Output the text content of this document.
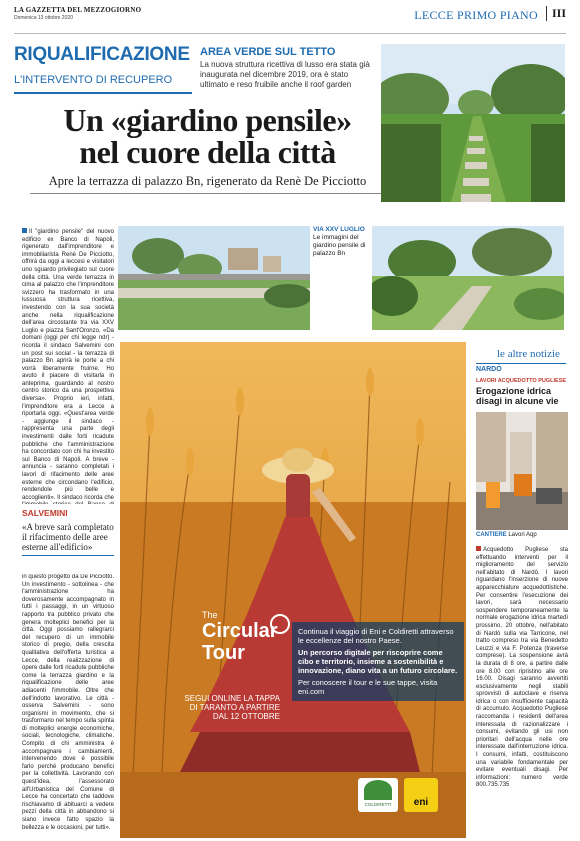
LA GAZZETTA DEL MEZZOGIORNO
Domenica 13 ottobre 2020	LECCE PRIMO PIANO	III
RIQUALIFICAZIONE
L'INTERVENTO DI RECUPERO
AREA VERDE SUL TETTO
La nuova struttura ricettiva di lusso era stata già inaugurata nel dicembre 2019, ora è stato ultimato e reso fruibile anche il roof garden
Un «giardino pensile»
nel cuore della città
Apre la terrazza di palazzo Bn, rigenerato da Renè De Picciotto
VIA XXV LUGLIO
Le immagini del giardino pensile di palazzo Bn
Il "giardino pensile" del nuovo edificio ex Banco di Napoli, rigenerato dall'imprenditore e immobiliarista Renè De Picciotto, offrirà da oggi a leccesi e visitatori uno sguardo privilegiato sul cuore della città. Una verde terrazza in cima al palazzo che l'imprenditore svizzero ha trasformato in una lussuosa struttura ricettiva, investendo con la sua società anche nella riqualificazione dell'area circostante tra via XXV Luglio e piazza Sant'Oronzo. «Da domani (oggi per chi legge ndr) - ricorda il sindaco Salvemini con un post sui social - la terrazza di palazzo Bn aprirà le porte a chi vorrà liberamente fruirne. Ho avuto il piacere di visitarla in anteprima, guardando al nostro centro storico da una prospettiva diversa». Proprio ieri, infatti, l'imprenditore era a Lecce a riportarla oggi. «Quest'area verde - aggiunge il sindaco - rappresenta una parte degli investimenti dalle forti ricadute pubbliche che l'amministrazione ha concordato con chi ha investito sul Banco di Napoli. A breve - annuncia - saranno completati i lavori di rifacimento delle aree esterne che circondano l'edificio, rendendole più belle e accoglienti». Il sindaco ricorda che
SALVEMINI
«A breve sarà completato il rifacimento delle aree esterne all'edificio»
in questo progetto da De Picciotto. Un investimento - sottolinea - che l'amministrazione ha doverosamente accompagnato in tutti i passaggi, in un virtuoso rapporto tra pubblico privato che genera molteplici benefici per la città. Oggi possiamo rallegrarci del recupero di un immobile storico di pregio, della crescita qualitativa dell'offerta turistica a Lecce, della realizzazione di opere dalle forti ricadute pubbliche come la terrazza giardino e la riqualificazione delle aree adiacenti l'immobile. Oltre che dell'indotto lavorativo. Le città - osserva Salvemini - sono organismi in movimento, che si trasformano nel tempo sulla spinta di molteplici energie economiche, sociali, tecnologiche, climatiche. Compito di chi amministra è accompagnare i cambiamenti, intervenendo dove è possibile farlo perché producano benefici per la collettività. Lavorando con quest'idea, l'assessorato all'Urbanistica del Comune di Lecce ha concertato che laddove rischiavamo di abituarci a vedere pezzi della città in abbandono si siano invece fatto spazio la bellezza e le occasioni, per tutti».
The
Circular
Tour
SEGUI ONLINE LA TAPPA DI TARANTO A PARTIRE DAL 12 OTTOBRE
Continua il viaggio di Eni e Coldiretti attraverso le eccellenze del nostro Paese.
Un percorso digitale per riscoprire come cibo e territorio, insieme a sostenibilità e innovazione, diano vita a un futuro circolare.
Per conoscere il tour e le sue tappe, visita eni.com
COLDIRETTI	eni
le altre notizie
NARDÒ
LAVORI ACQUEDOTTO PUGLIESE
Erogazione idrica disagi in alcune vie
CANTIERE Lavori Aqp
Acquedotto Pugliese sta effettuando interventi per il miglioramento del servizio nell'abitato di Nardò. I lavori riguardano l'inserzione di nuove apparecchiature acquedottistiche. Per consentire l'esecuzione dei lavori, sarà necessario sospendere temporaneamente la normale erogazione idrica martedì prossimo, 20 ottobre, nell'abitato di Nardò sulla via Tarricone, nel tratto compreso tra via Benedetto Leuzzi e via F. Potenza (traverse comprese). La sospensione avrà la durata di 8 ore, a partire dalle ore 8.00 con ripristino alle ore 16.00. Disagi saranno avvertiti esclusivamente negli stabili sprovvisti di autoclave e riserva idrica o con insufficiente capacità di accumulo. Acquedotto Pugliese raccomanda i residenti dell'area interessata di razionalizzare i consumi, evitando gli usi non prioritari dell'acqua nelle ore interessate dall'interruzione idrica. I consumi, infatti, costituiscono una variabile fondamentale per evitare eventuali disagi. Per informazioni: numero verde 800.735.735
